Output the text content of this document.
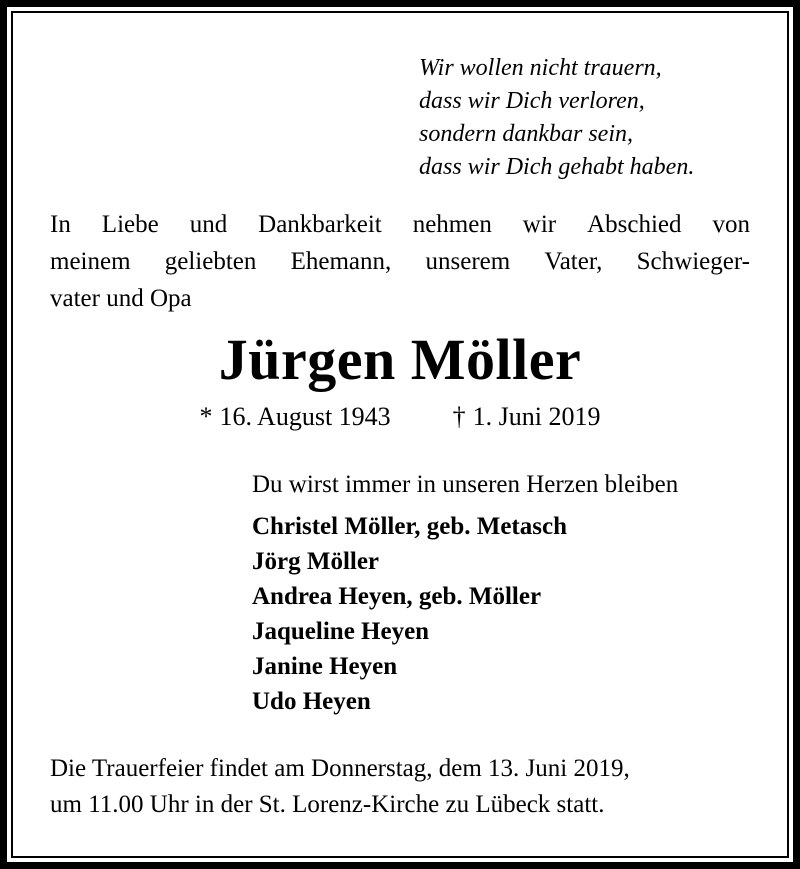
Wir wollen nicht trauern,
dass wir Dich verloren,
sondern dankbar sein,
dass wir Dich gehabt haben.
In Liebe und Dankbarkeit nehmen wir Abschied von
meinem geliebten Ehemann, unserem Vater, Schwieger-
vater und Opa
Jürgen Möller
* 16. August 1943 † 1. Juni 2019
Du wirst immer in unseren Herzen bleiben
Christel Möller, geb. Metasch
Jörg Möller
Andrea Heyen, geb. Möller
Jaqueline Heyen
Janine Heyen
Udo Heyen
Die Trauerfeier findet am Donnerstag, dem 13. Juni 2019,
um 11.00 Uhr in der St. Lorenz-Kirche zu Lübeck statt.
